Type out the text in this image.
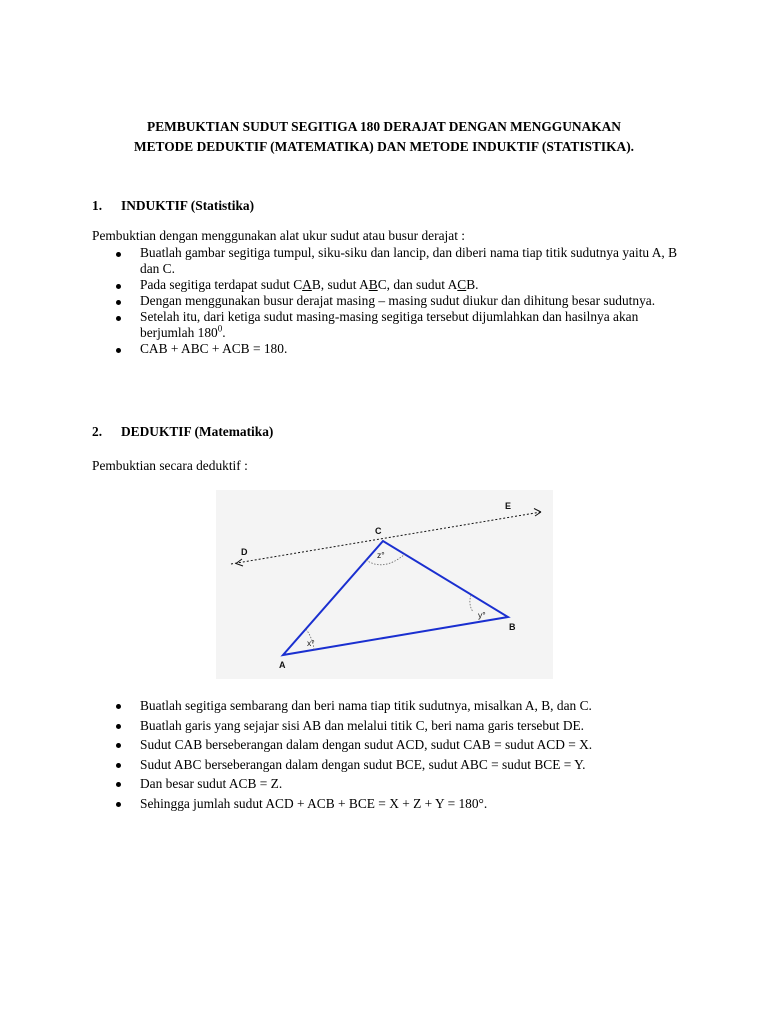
PEMBUKTIAN SUDUT SEGITIGA 180 DERAJAT DENGAN MENGGUNAKAN
METODE DEDUKTIF (MATEMATIKA) DAN METODE INDUKTIF (STATISTIKA).
1. INDUKTIF (Statistika)
Pembuktian dengan menggunakan alat ukur sudut atau busur derajat :
Buatlah gambar segitiga tumpul, siku-siku dan lancip, dan diberi nama tiap titik sudutnya yaitu A, B dan C.
Pada segitiga terdapat sudut CAB, sudut ABC, dan sudut ACB.
Dengan menggunakan busur derajat masing – masing sudut diukur dan dihitung besar sudutnya.
Setelah itu, dari ketiga sudut masing-masing segitiga tersebut dijumlahkan dan hasilnya akan berjumlah $180^0$.
CAB + ABC + ACB = 180.
2. DEDUKTIF (Matematika)
Pembuktian secara deduktif :
E
C
D
B
A
z°
y°
x°
Buatlah segitiga sembarang dan beri nama tiap titik sudutnya, misalkan A, B, dan C.
Buatlah garis yang sejajar sisi AB dan melalui titik C, beri nama garis tersebut DE.
Sudut CAB berseberangan dalam dengan sudut ACD, sudut CAB = sudut ACD = X.
Sudut ABC berseberangan dalam dengan sudut BCE, sudut ABC = sudut BCE = Y.
Dan besar sudut ACB = Z.
Sehingga jumlah sudut ACD + ACB + BCE = X + Z + Y = 180°.
